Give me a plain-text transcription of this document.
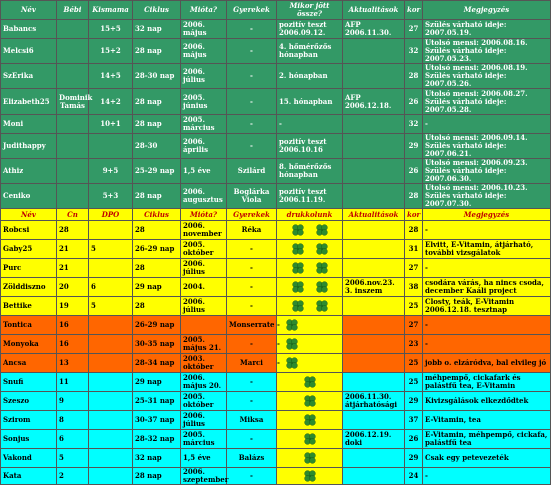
Név	Bébi	Kismama	Ciklus	Mióta?	Gyerekek	Mikor jött össze?	Aktualitások	kor	Megjegyzés
Babancs		15+5	32 nap	2006. május	-	pozitív teszt 2006.09.12.	AFP 2006.11.30.	27	Szülés várható ideje: 2007.05.19.
Melcsi6		15+2	28 nap	2006. május	-	4. hőmérőzős hónapban		32	Utolsó mensi: 2006.08.16. Szülés várható ideje: 2007.05.23.
SzErika		14+5	28-30 nap	2006. július	-	2. hónapban		28	Utolsó mensi: 2006.08.19. Szülés várható ideje: 2007.05.26.
Elizabeth25	Dominik Tamás	14+2	28 nap	2005. június	-	15. hónapban	AFP 2006.12.18.	26	Utolsó mensi: 2006.08.27. Szülés várható ideje: 2007.05.28.
Moni		10+1	28 nap	2005. március	-	-		32	-
Judithappy			28-30	2006. április	-	pozitív teszt 2006.10.16		29	Utolsó mensi: 2006.09.14. Szülés várható ideje: 2007.06.21.
Athiz		9+5	25-29 nap	1,5 éve	Szilárd	8. hőmérőzős hónapban		26	Utolsó mensi: 2006.09.23. Szülés várható ideje: 2007.06.30.
Ceniko		5+3	28 nap	2006. augusztus	Boglárka Viola	pozitív teszt 2006.11.19.		28	Utolsó mensi: 2006.10.23. Szülés várható ideje: 2007.07.30.
Név	Cn	DPO	Ciklus	Mióta?	Gyerekek	drukkolunk	Aktualitások	kor	Megjegyzés
Robcsi	28		28	2006. november	Réka			28	-
Gaby25	21	5	26-29 nap	2005. október	-			31	Elvitt, E-Vitamin, átjárható, további vizsgálatok
Purc	21		28	2006. július	-			27	-
Zölddiszno	20	6	29 nap	2004.	-		2006.nov.23. 3. inszem	38	csodára várás, ha nincs csoda, december Kaáli project
Bettike	19	5	28	2006. július	-			25	Closty, teák, E-Vitamin 2006.12.18. tesztnap
Tontica	16		26-29 nap		Monserrate	-		27	-
Monyoka	16		30-35 nap	2005. május 21.	-	-		23	-
Ancsa	13		28-34 nap	2003. október	Marci	-		25	jobb o. elzáródva, bal elvileg jó
Snufi	11		29 nap	2006. május 20.	-			25	méhpempő, cickafark és palástfű tea, E-Vitamin
Szeszo	9		25-31 nap	2005. október	-		2006.11.30. átjárhatósági	29	Kivizsgálások elkezdődtek
Szirom	8		30-37 nap	2006. július	Miksa			37	E-Vitamin, tea
Sonjus	6		28-32 nap	2005. március	-		2006.12.19. doki	26	E-Vitamin, méhpempő, cickafa, palástfű tea
Vakond	5		32 nap	1,5 éve	Balázs			29	Csak egy petevezeték
Kata	2		28 nap	2006. szeptember	-			24	-
